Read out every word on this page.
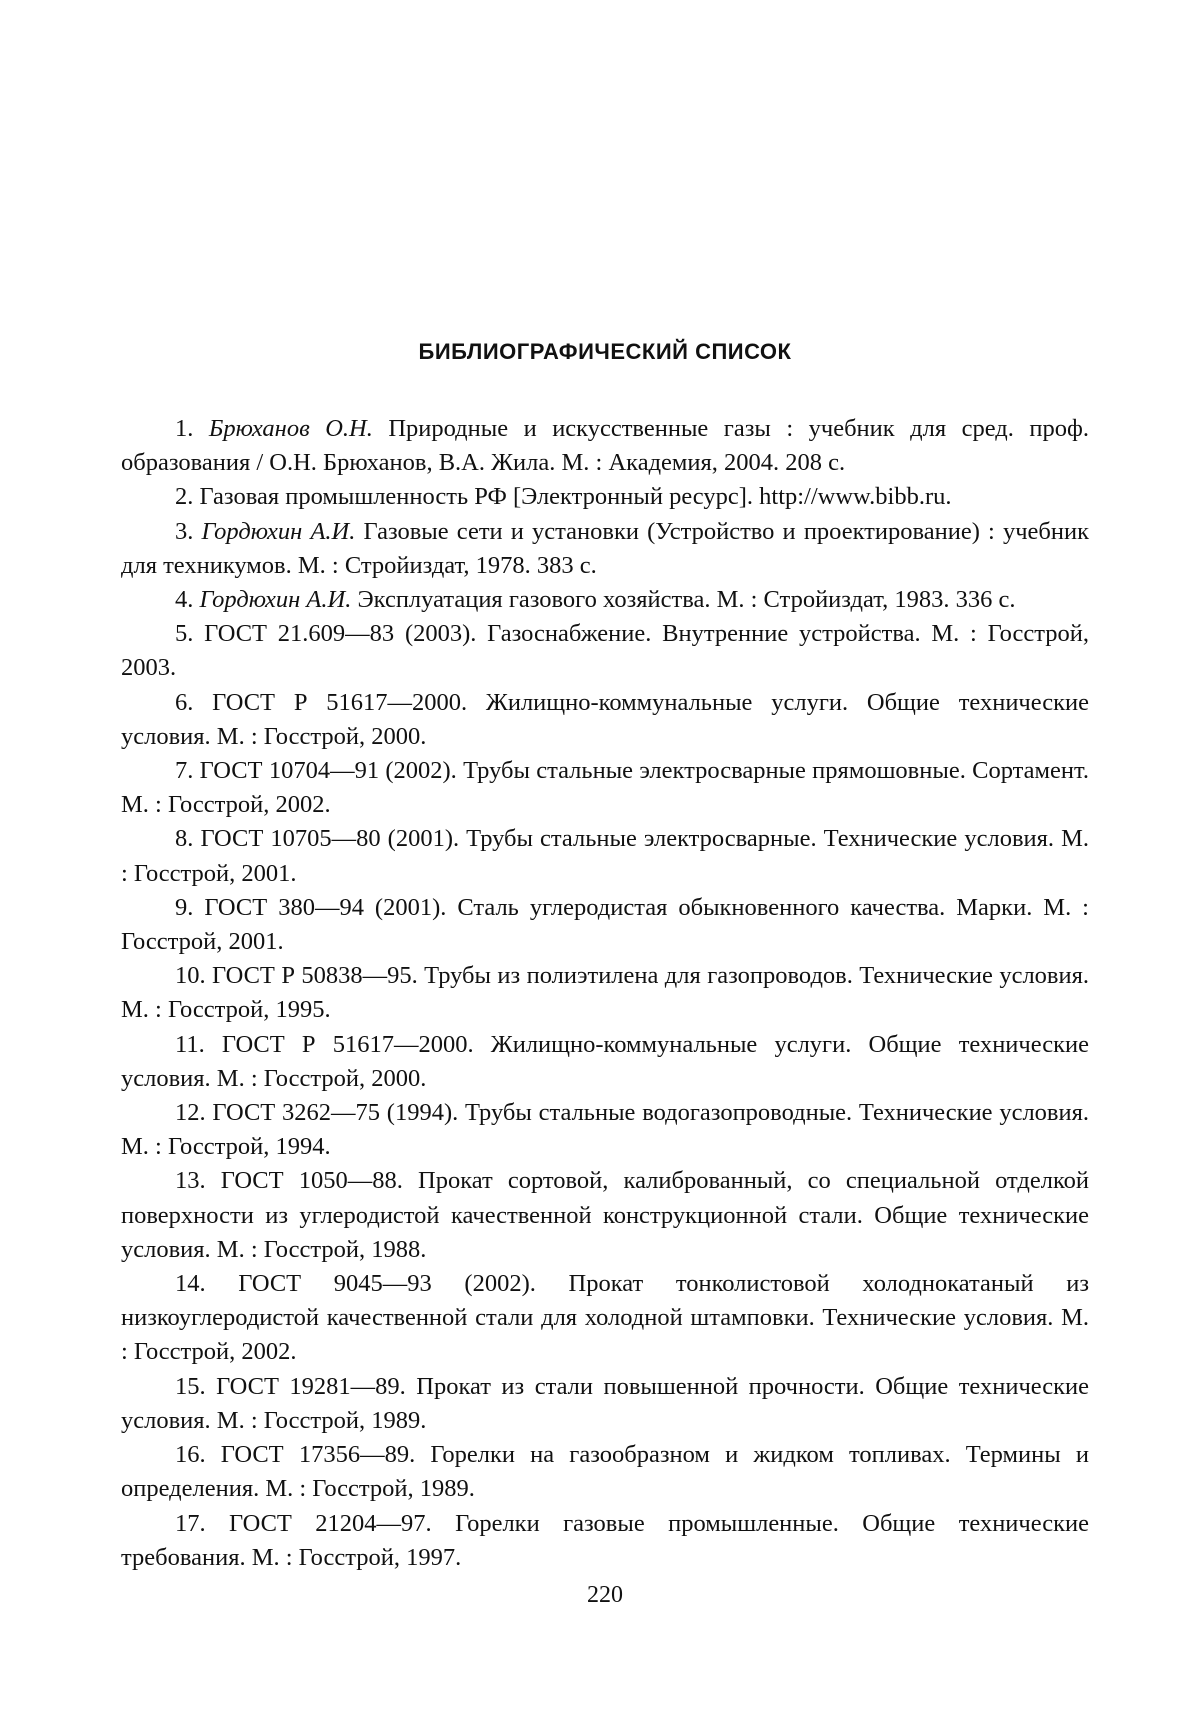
БИБЛИОГРАФИЧЕСКИЙ СПИСОК
1. Брюханов О.Н. Природные и искусственные газы : учебник для сред. проф. образования / О.Н. Брюханов, В.А. Жила. М. : Академия, 2004. 208 с.
2. Газовая промышленность РФ [Электронный ресурс]. http://www.bibb.ru.
3. Гордюхин А.И. Газовые сети и установки (Устройство и проектирование) : учебник для техникумов. М. : Стройиздат, 1978. 383 с.
4. Гордюхин А.И. Эксплуатация газового хозяйства. М. : Стройиздат, 1983. 336 с.
5. ГОСТ 21.609—83 (2003). Газоснабжение. Внутренние устройства. М. : Госстрой, 2003.
6. ГОСТ Р 51617—2000. Жилищно-коммунальные услуги. Общие технические условия. М. : Госстрой, 2000.
7. ГОСТ 10704—91 (2002). Трубы стальные электросварные прямошовные. Сортамент. М. : Госстрой, 2002.
8. ГОСТ 10705—80 (2001). Трубы стальные электросварные. Технические условия. М. : Госстрой, 2001.
9. ГОСТ 380—94 (2001). Сталь углеродистая обыкновенного качества. Марки. М. : Госстрой, 2001.
10. ГОСТ Р 50838—95. Трубы из полиэтилена для газопроводов. Технические условия. М. : Госстрой, 1995.
11. ГОСТ Р 51617—2000. Жилищно-коммунальные услуги. Общие технические условия. М. : Госстрой, 2000.
12. ГОСТ 3262—75 (1994). Трубы стальные водогазопроводные. Технические условия. М. : Госстрой, 1994.
13. ГОСТ 1050—88. Прокат сортовой, калиброванный, со специальной отделкой поверхности из углеродистой качественной конструкционной стали. Общие технические условия. М. : Госстрой, 1988.
14. ГОСТ 9045—93 (2002). Прокат тонколистовой холоднокатаный из низкоуглеродистой качественной стали для холодной штамповки. Технические условия. М. : Госстрой, 2002.
15. ГОСТ 19281—89. Прокат из стали повышенной прочности. Общие технические условия. М. : Госстрой, 1989.
16. ГОСТ 17356—89. Горелки на газообразном и жидком топливах. Термины и определения. М. : Госстрой, 1989.
17. ГОСТ 21204—97. Горелки газовые промышленные. Общие технические требования. М. : Госстрой, 1997.

220
